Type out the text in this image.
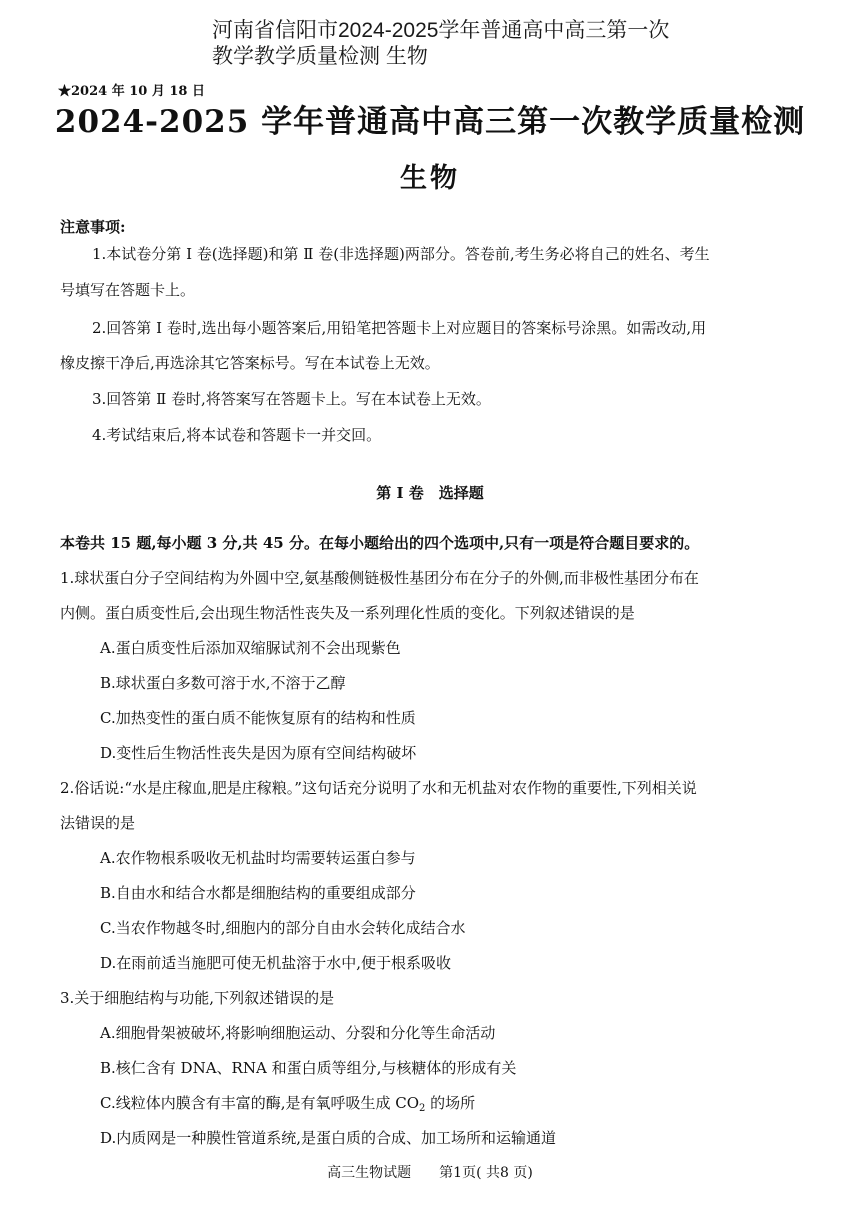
河南省信阳市2024-2025学年普通高中高三第一次
教学教学质量检测 生物
★2024 年 10 月 18 日
2024-2025 学年普通高中高三第一次教学质量检测
生物
注意事项:
1.本试卷分第 Ⅰ 卷(选择题)和第 Ⅱ 卷(非选择题)两部分。答卷前,考生务必将自己的姓名、考生
号填写在答题卡上。
2.回答第 Ⅰ 卷时,选出每小题答案后,用铅笔把答题卡上对应题目的答案标号涂黑。如需改动,用
橡皮擦干净后,再选涂其它答案标号。写在本试卷上无效。
3.回答第 Ⅱ 卷时,将答案写在答题卡上。写在本试卷上无效。
4.考试结束后,将本试卷和答题卡一并交回。
第 Ⅰ 卷　选择题
本卷共 15 题,每小题 3 分,共 45 分。在每小题给出的四个选项中,只有一项是符合题目要求的。
1.球状蛋白分子空间结构为外圆中空,氨基酸侧链极性基团分布在分子的外侧,而非极性基团分布在
内侧。蛋白质变性后,会出现生物活性丧失及一系列理化性质的变化。下列叙述错误的是
A.蛋白质变性后添加双缩脲试剂不会出现紫色
B.球状蛋白多数可溶于水,不溶于乙醇
C.加热变性的蛋白质不能恢复原有的结构和性质
D.变性后生物活性丧失是因为原有空间结构破坏
2.俗话说:“水是庄稼血,肥是庄稼粮。”这句话充分说明了水和无机盐对农作物的重要性,下列相关说
法错误的是
A.农作物根系吸收无机盐时均需要转运蛋白参与
B.自由水和结合水都是细胞结构的重要组成部分
C.当农作物越冬时,细胞内的部分自由水会转化成结合水
D.在雨前适当施肥可使无机盐溶于水中,便于根系吸收
3.关于细胞结构与功能,下列叙述错误的是
A.细胞骨架被破坏,将影响细胞运动、分裂和分化等生命活动
B.核仁含有 DNA、RNA 和蛋白质等组分,与核糖体的形成有关
C.线粒体内膜含有丰富的酶,是有氧呼吸生成 $CO_2$ 的场所
D.内质网是一种膜性管道系统,是蛋白质的合成、加工场所和运输通道
高三生物试题　　第1页( 共8 页)
